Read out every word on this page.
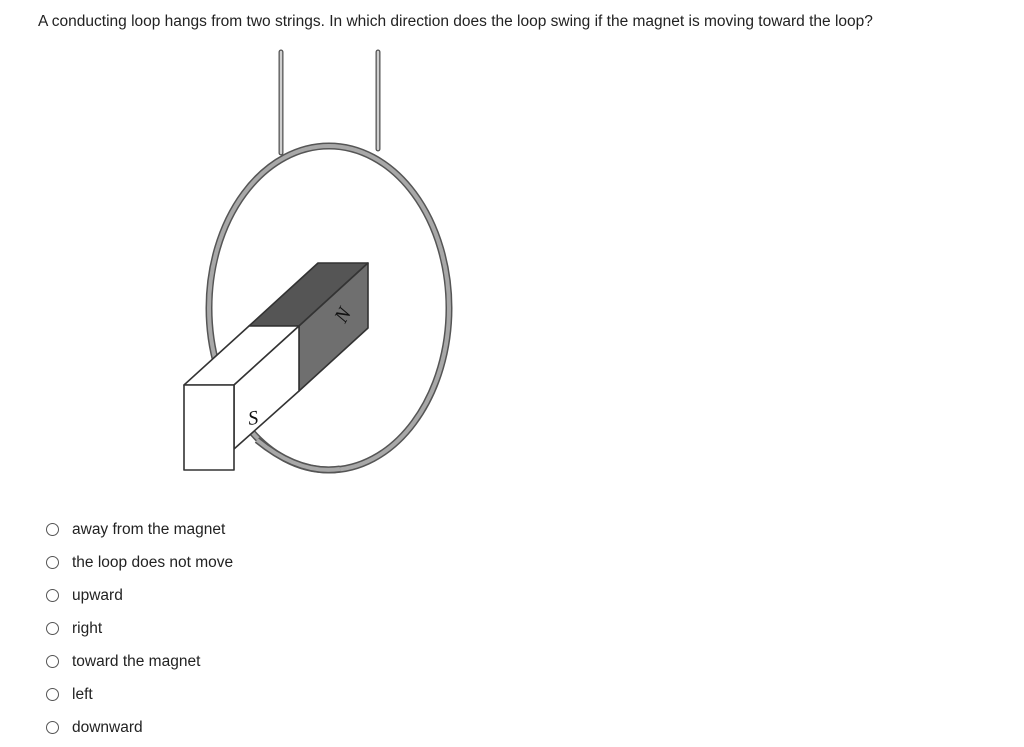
A conducting loop hangs from two strings. In which direction does the loop swing if the magnet is moving toward the loop?
N
S
away from the magnet
the loop does not move
upward
right
toward the magnet
left
downward
